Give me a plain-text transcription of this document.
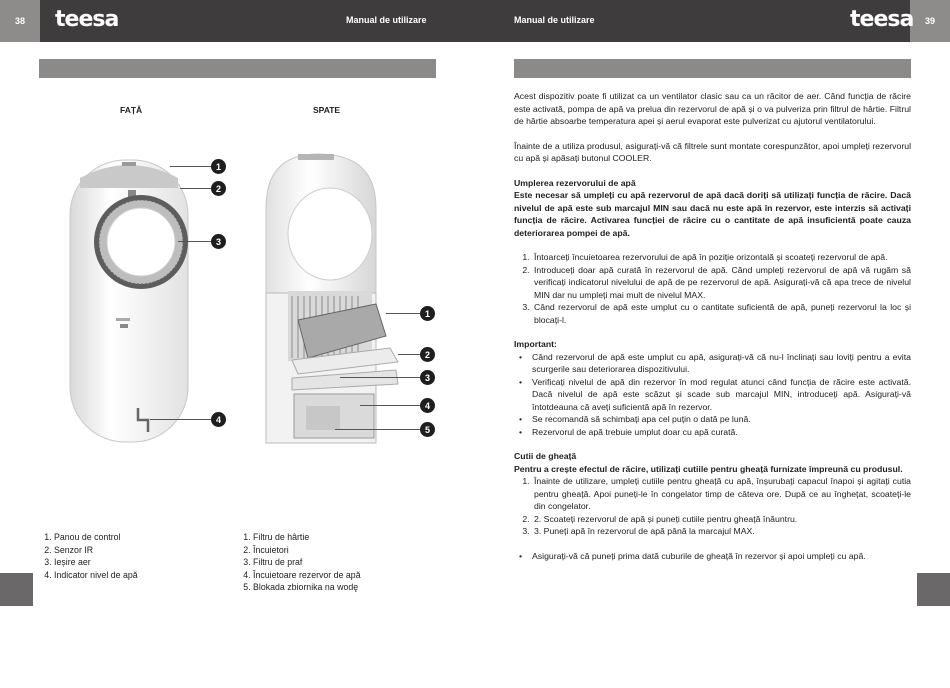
38	39
teesa	teesa
Manual de utilizare	Manual de utilizare
FAȚĂ	SPATE
1
2
3
4
1
2
3
4
5
1. Panou de control
2. Senzor IR
3. Ieșire aer
4. Indicator nivel de apă
1. Filtru de hârtie
2. Încuietori
3. Filtru de praf
4. Încuietoare rezervor de apă
5. Blokada zbiornika na wodę

Acest dispozitiv poate fi utilizat ca un ventilator clasic sau ca un răcitor de aer. Când funcția de răcire este activată, pompa de apă va prelua din rezervorul de apă și o va pulveriza prin filtrul de hârtie. Filtrul de hârtie absoarbe temperatura apei și aerul evaporat este pulverizat cu ajutorul ventilatorului.

Înainte de a utiliza produsul, asigurați-vă că filtrele sunt montate corespunzător, apoi umpleți rezervorul cu apă și apăsați butonul COOLER.

Umplerea rezervorului de apă

Este necesar să umpleți cu apă rezervorul de apă dacă doriți să utilizați funcția de răcire. Dacă nivelul de apă este sub marcajul MIN sau dacă nu este apă în rezervor, este interzis să activați funcția de răcire. Activarea funcției de răcire cu o cantitate de apă insuficientă poate cauza deteriorarea pompei de apă.

1. Întoarceți încuietoarea rezervorului de apă în poziție orizontală și scoateți rezervorul de apă.
2. Introduceți doar apă curată în rezervorul de apă. Când umpleți rezervorul de apă vă rugăm să verificați indicatorul nivelului de apă de pe rezervorul de apă. Asigurați-vă că apa trece de nivelul MIN dar nu umpleți mai mult de nivelul MAX.
3. Când rezervorul de apă este umplut cu o cantitate suficientă de apă, puneți rezervorul la loc și blocați-l.

Important:

• Când rezervorul de apă este umplut cu apă, asigurați-vă că nu-l înclinați sau loviți pentru a evita scurgerile sau deteriorarea dispozitivului.
• Verificați nivelul de apă din rezervor în mod regulat atunci când funcția de răcire este activată. Dacă nivelul de apă este scăzut și scade sub marcajul MIN, introduceți apă. Asigurați-vă întotdeauna că aveți suficientă apă în rezervor.
• Se recomandă să schimbați apa cel puțin o dată pe lună.
• Rezervorul de apă trebuie umplut doar cu apă curată.

Cutii de gheață

Pentru a crește efectul de răcire, utilizați cutiile pentru gheață furnizate împreună cu produsul.

1. Înainte de utilizare, umpleți cutiile pentru gheață cu apă, înșurubați capacul înapoi și agitați cutia pentru gheață. Apoi puneți-le în congelator timp de câteva ore. După ce au înghețat, scoateți-le din congelator.
2. 2. Scoateți rezervorul de apă și puneți cutiile pentru gheață înăuntru.
3. 3. Puneți apă în rezervorul de apă până la marcajul MAX.
• Asigurați-vă că puneți prima dată cuburile de gheață în rezervor și apoi umpleți cu apă.
